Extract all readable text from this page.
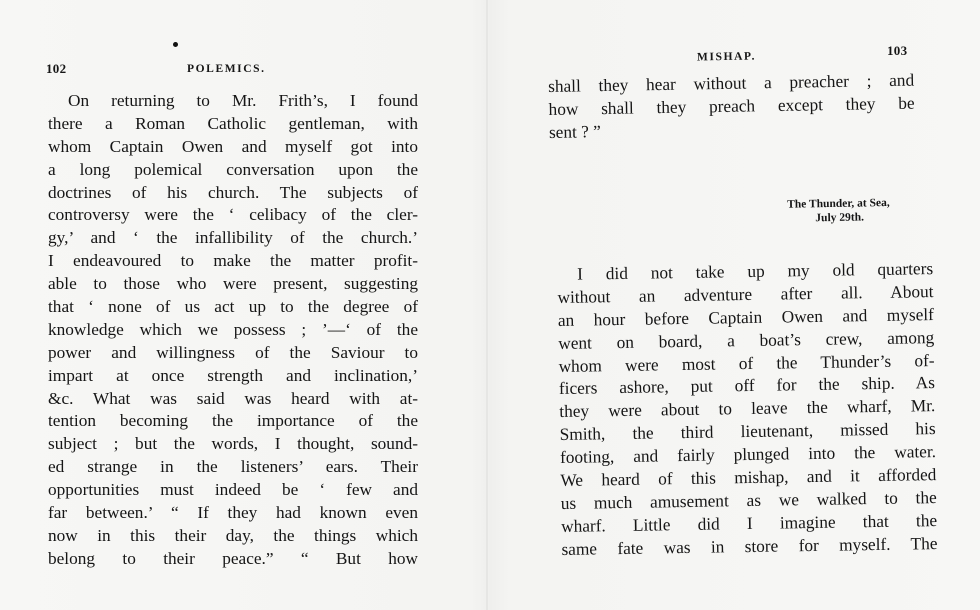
102	POLEMICS.
On returning to Mr. Frith’s, I found
there a Roman Catholic gentleman, with
whom Captain Owen and myself got into
a long polemical conversation upon the
doctrines of his church. The subjects of
controversy were the ‘ celibacy of the cler-
gy,’ and ‘ the infallibility of the church.’
I endeavoured to make the matter profit-
able to those who were present, suggesting
that ‘ none of us act up to the degree of
knowledge which we possess ; ’—‘ of the
power and willingness of the Saviour to
impart at once strength and inclination,’
&c. What was said was heard with at-
tention becoming the importance of the
subject ; but the words, I thought, sound-
ed strange in the listeners’ ears. Their
opportunities must indeed be ‘ few and
far between.’ “ If they had known even
now in this their day, the things which
belong to their peace.” “ But how
MISHAP.	103
shall they hear without a preacher ; and
how shall they preach except they be
sent ? ”
The Thunder, at Sea,
July 29th.
I did not take up my old quarters
without an adventure after all. About
an hour before Captain Owen and myself
went on board, a boat’s crew, among
whom were most of the Thunder’s of-
ficers ashore, put off for the ship. As
they were about to leave the wharf, Mr.
Smith, the third lieutenant, missed his
footing, and fairly plunged into the water.
We heard of this mishap, and it afforded
us much amusement as we walked to the
wharf. Little did I imagine that the
same fate was in store for myself. The
